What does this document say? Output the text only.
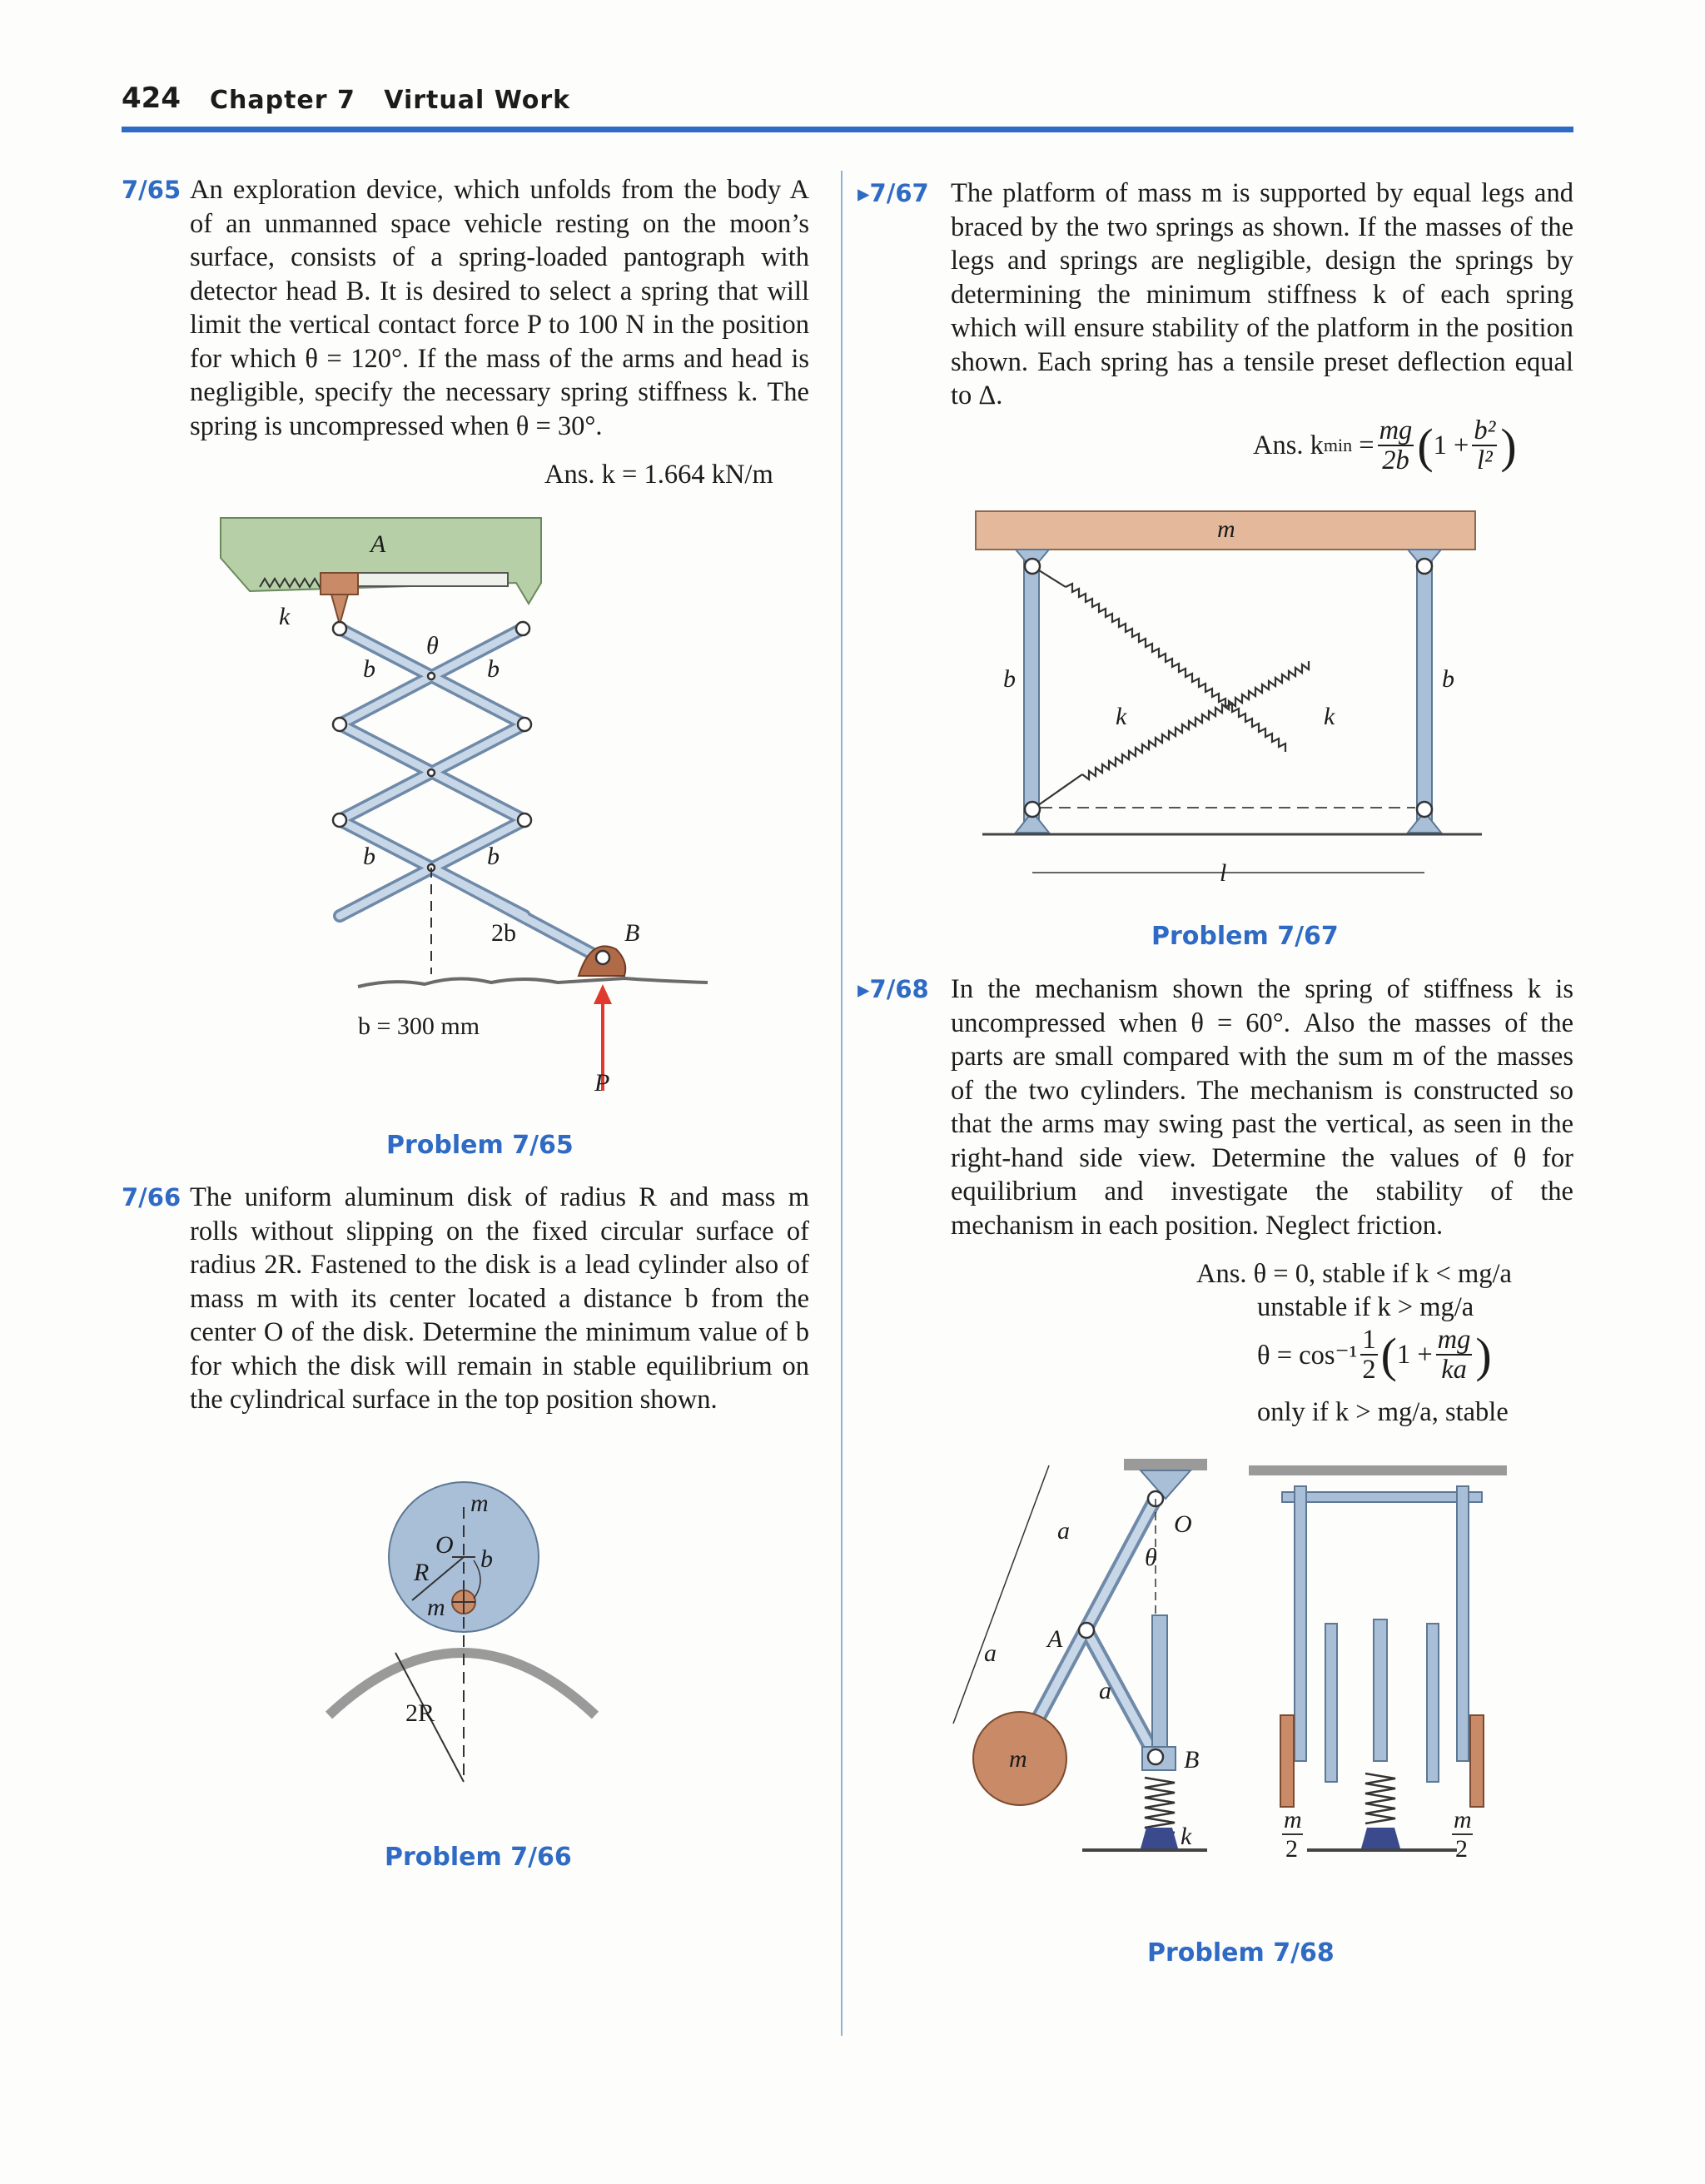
424 Chapter 7 Virtual Work
7/65 An exploration device, which unfolds from the body A of an unmanned space vehicle resting on the moon’s surface, consists of a spring-loaded pantograph with detector head B. It is desired to select a spring that will limit the vertical contact force P to 100 N in the position for which θ = 120°. If the mass of the arms and head is negligible, specify the necessary spring stiffness k. The spring is uncompressed when θ = 30°.
Ans. k = 1.664 kN/m
A
k
θ
b	b
b	b
2b	B
b = 300 mm
P
Problem 7/65
7/66 The uniform aluminum disk of radius R and mass m rolls without slipping on the fixed circular surface of radius 2R. Fastened to the disk is a lead cylinder also of mass m with its center located a distance b from the center O of the disk. Determine the minimum value of b for which the disk will remain in stable equilibrium on the cylindrical surface in the top position shown.
m
O
b
R
m
2R
Problem 7/66
▸7/67 The platform of mass m is supported by equal legs and braced by the two springs as shown. If the masses of the legs and springs are negligible, design the springs by determining the minimum stiffness k of each spring which will ensure stability of the platform in the position shown. Each spring has a tensile preset deflection equal to Δ.
Ans. k min
= $\frac{mg}{2b}$ ( $1 + \frac{\text{b²}}{\text{l²}}$ )
m
b	b
k	k
l
Problem 7/67
▸7/68 In the mechanism shown the spring of stiffness k is uncompressed when θ = 60°. Also the masses of the parts are small compared with the sum m of the masses of the two cylinders. The mechanism is constructed so that the arms may swing past the vertical, as seen in the right-hand side view. Determine the values of θ for equilibrium and investigate the stability of the mechanism in each position. Neglect friction.
Ans. θ = 0, stable if k < mg/a
unstable if k > mg/a
$\theta = \cos^{-1} \frac{1}{2}$ ( $1 + \frac{mg}{ka}$ )
only if k > mg/a, stable
a	O
θ
A
a
a
m	B
k
m
2
m
2
Problem 7/68
